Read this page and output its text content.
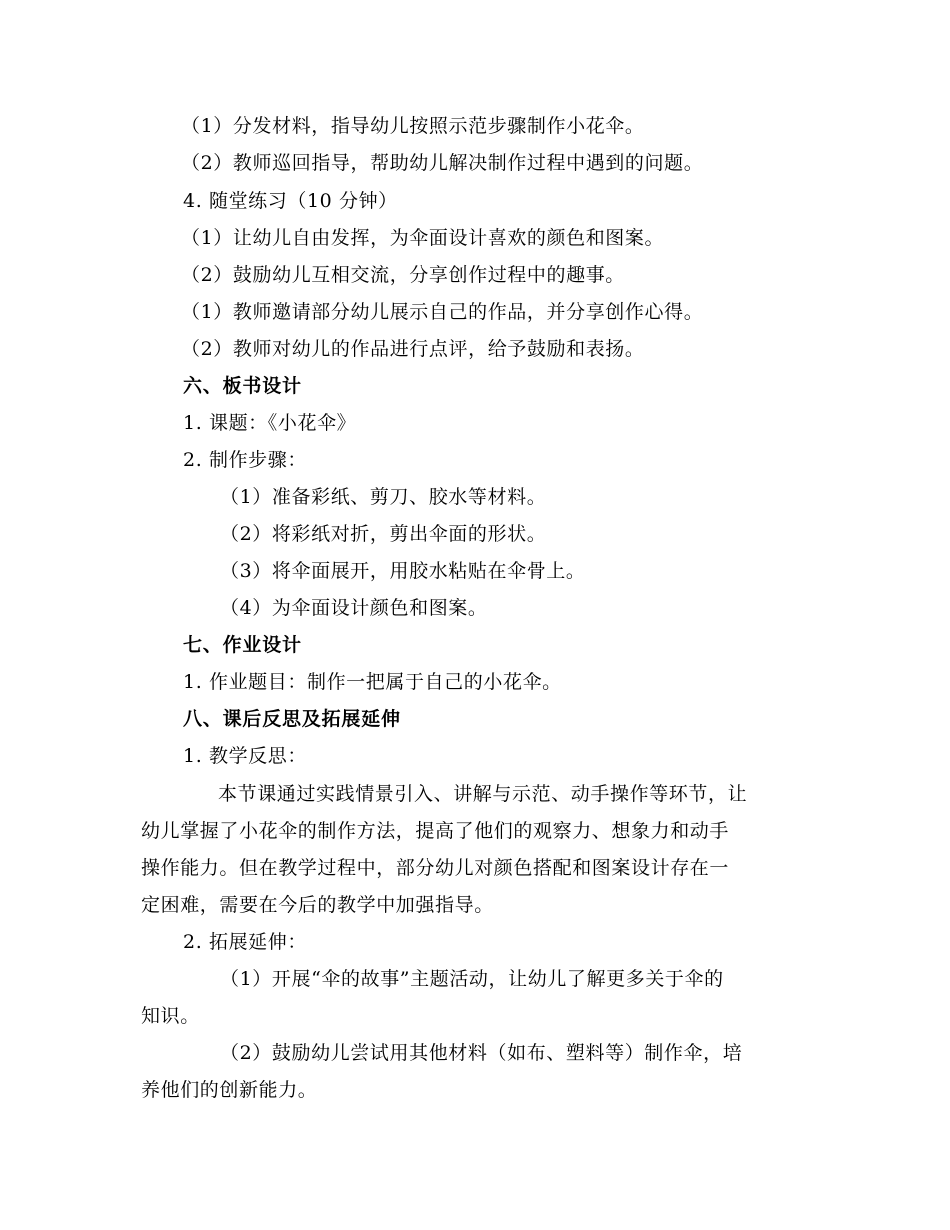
（1）分发材料，指导幼儿按照示范步骤制作小花伞。
（2）教师巡回指导，帮助幼儿解决制作过程中遇到的问题。
4. 随堂练习（10 分钟）
（1）让幼儿自由发挥，为伞面设计喜欢的颜色和图案。
（2）鼓励幼儿互相交流，分享创作过程中的趣事。
（1）教师邀请部分幼儿展示自己的作品，并分享创作心得。
（2）教师对幼儿的作品进行点评，给予鼓励和表扬。
六、板书设计
1. 课题：《小花伞》
2. 制作步骤：
（1）准备彩纸、剪刀、胶水等材料。
（2）将彩纸对折，剪出伞面的形状。
（3）将伞面展开，用胶水粘贴在伞骨上。
（4）为伞面设计颜色和图案。
七、作业设计
1. 作业题目：制作一把属于自己的小花伞。
八、课后反思及拓展延伸
1. 教学反思：
本节课通过实践情景引入、讲解与示范、动手操作等环节，让
幼儿掌握了小花伞的制作方法，提高了他们的观察力、想象力和动手
操作能力。但在教学过程中，部分幼儿对颜色搭配和图案设计存在一
定困难，需要在今后的教学中加强指导。
2. 拓展延伸：
（1）开展“伞的故事”主题活动，让幼儿了解更多关于伞的
知识。
（2）鼓励幼儿尝试用其他材料（如布、塑料等）制作伞，培
养他们的创新能力。
